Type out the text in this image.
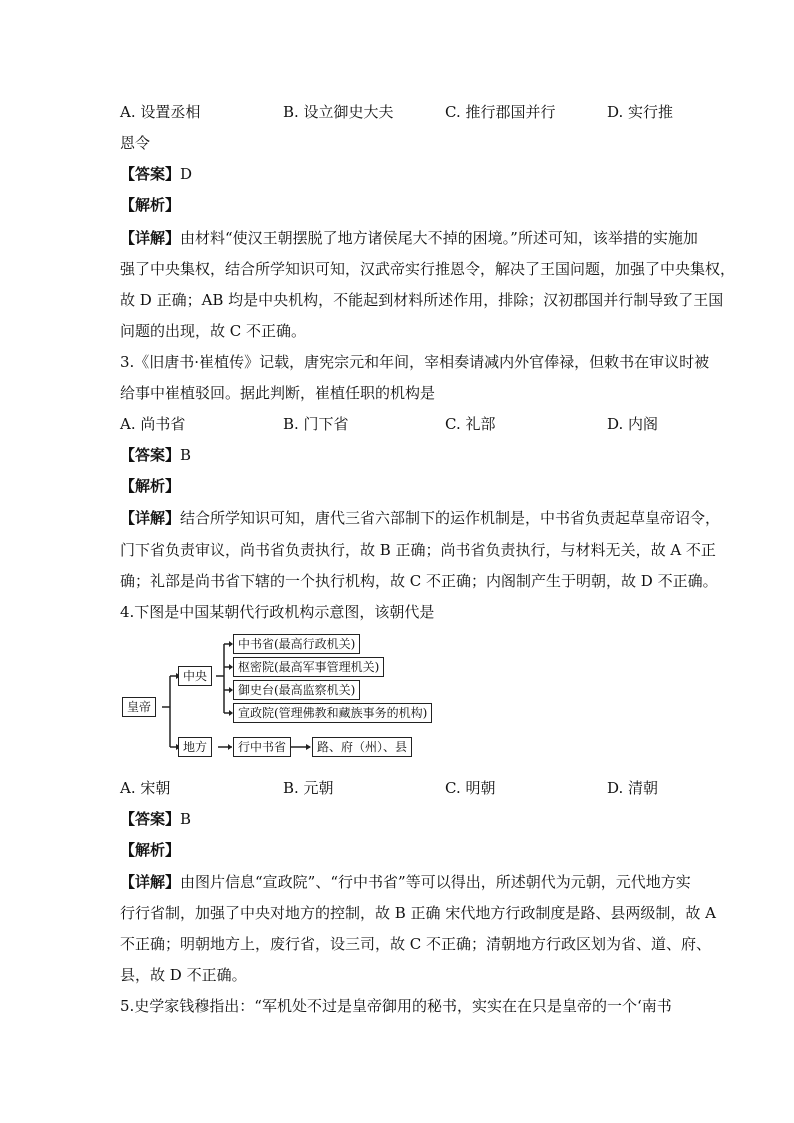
A. 设置丞相	B. 设立御史大夫	C. 推行郡国并行	D. 实行推
恩令
【答案】D
【解析】
【详解】由材料“使汉王朝摆脱了地方诸侯尾大不掉的困境。”所述可知，该举措的实施加
强了中央集权，结合所学知识可知，汉武帝实行推恩令，解决了王国问题，加强了中央集权，
故 D 正确；AB 均是中央机构，不能起到材料所述作用，排除；汉初郡国并行制导致了王国
问题的出现，故 C 不正确。
3.《旧唐书·崔植传》记载，唐宪宗元和年间，宰相奏请减内外官俸禄，但敕书在审议时被
给事中崔植驳回。据此判断，崔植任职的机构是
A. 尚书省	B. 门下省	C. 礼部	D. 内阁
【答案】B
【解析】
【详解】结合所学知识可知，唐代三省六部制下的运作机制是，中书省负责起草皇帝诏令，
门下省负责审议，尚书省负责执行，故 B 正确；尚书省负责执行，与材料无关，故 A 不正
确；礼部是尚书省下辖的一个执行机构，故 C 不正确；内阁制产生于明朝，故 D 不正确。
4.下图是中国某朝代行政机构示意图，该朝代是
皇帝
中央
地方
中书省(最高行政机关)
枢密院(最高军事管理机关)
御史台(最高监察机关)
宣政院(管理佛教和藏族事务的机构)
行中书省	路、府（州）、县
A. 宋朝	B. 元朝	C. 明朝	D. 清朝
【答案】B
【解析】
【详解】由图片信息“宣政院”、“行中书省”等可以得出，所述朝代为元朝，元代地方实
行行省制，加强了中央对地方的控制，故 B 正确 宋代地方行政制度是路、县两级制，故 A
不正确；明朝地方上，废行省，设三司，故 C 不正确；清朝地方行政区划为省、道、府、
县，故 D 不正确。
5.史学家钱穆指出：“军机处不过是皇帝御用的秘书，实实在在只是皇帝的一个‘南书
